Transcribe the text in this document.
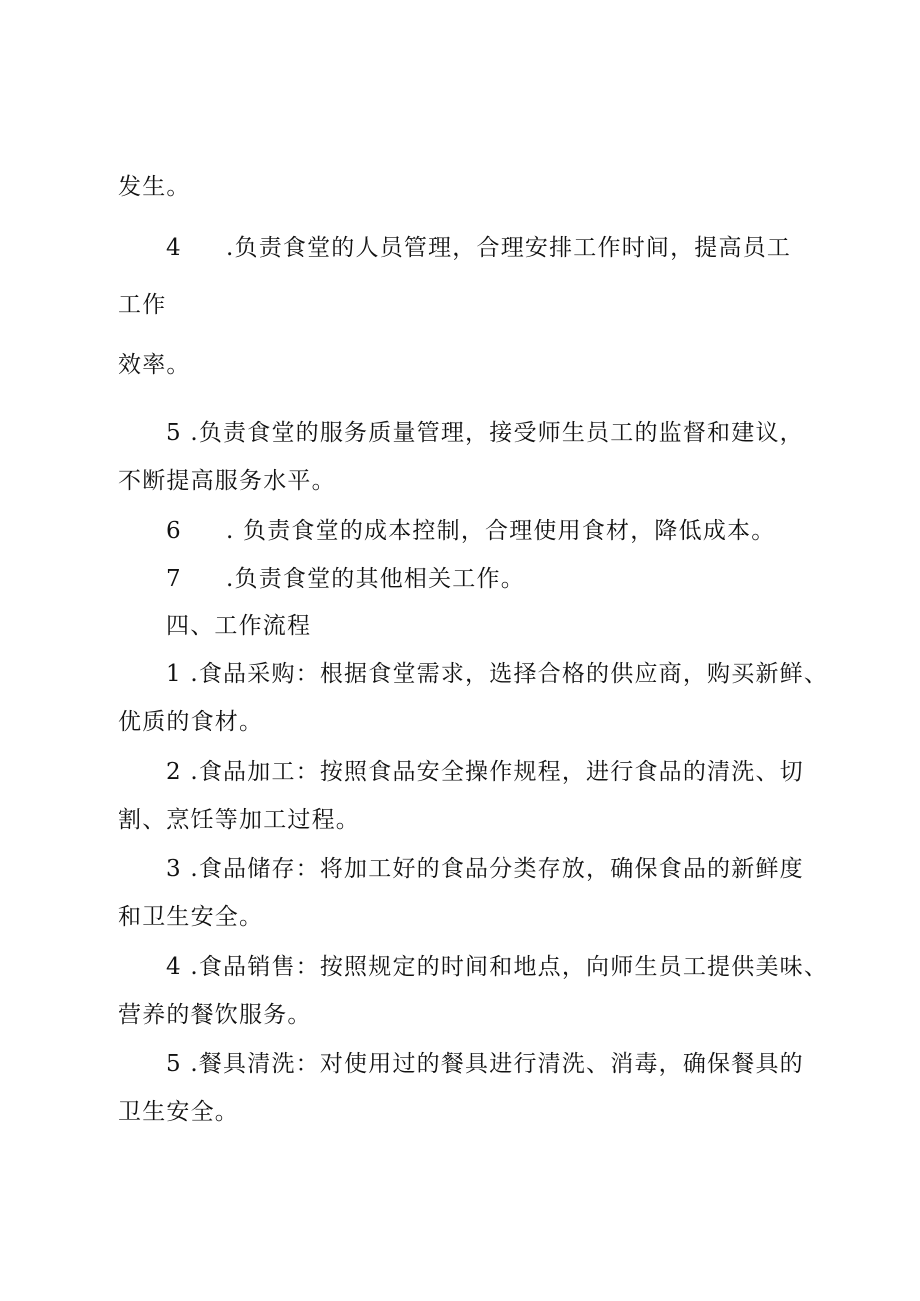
发生。
4 .负责食堂的人员管理，合理安排工作时间，提高员工
工作
效率。
5 .负责食堂的服务质量管理，接受师生员工的监督和建议，
不断提高服务水平。
6 . 负责食堂的成本控制，合理使用食材，降低成本。
7 .负责食堂的其他相关工作。
四、工作流程
1 .食品采购：根据食堂需求，选择合格的供应商，购买新鲜、
优质的食材。
2 .食品加工：按照食品安全操作规程，进行食品的清洗、切
割、烹饪等加工过程。
3 .食品储存：将加工好的食品分类存放，确保食品的新鲜度
和卫生安全。
4 .食品销售：按照规定的时间和地点，向师生员工提供美味、
营养的餐饮服务。
5 .餐具清洗：对使用过的餐具进行清洗、消毒，确保餐具的
卫生安全。
